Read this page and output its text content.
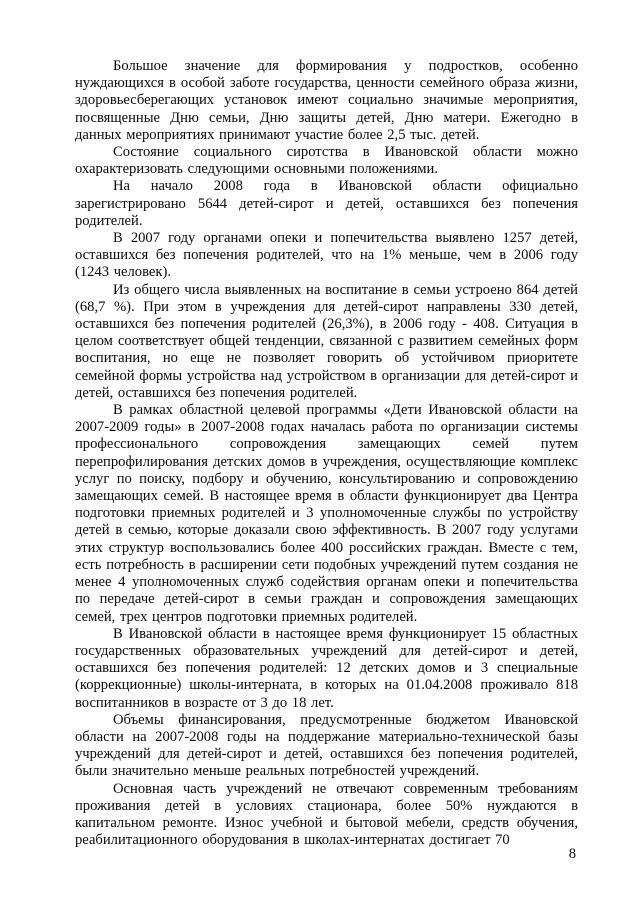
Большое значение для формирования у подростков, особенно нуждающихся в особой заботе государства, ценности семейного образа жизни, здоровьесберегающих установок имеют социально значимые мероприятия, посвященные Дню семьи, Дню защиты детей, Дню матери. Ежегодно в данных мероприятиях принимают участие более 2,5 тыс. детей.

Состояние социального сиротства в Ивановской области можно охарактеризовать следующими основными положениями.

На начало 2008 года в Ивановской области официально зарегистрировано 5644 детей-сирот и детей, оставшихся без попечения родителей.

В 2007 году органами опеки и попечительства выявлено 1257 детей, оставшихся без попечения родителей, что на 1% меньше, чем в 2006 году (1243 человек).

Из общего числа выявленных на воспитание в семьи устроено 864 детей (68,7 %). При этом в учреждения для детей-сирот направлены 330 детей, оставшихся без попечения родителей (26,3%), в 2006 году - 408. Ситуация в целом соответствует общей тенденции, связанной с развитием семейных форм воспитания, но еще не позволяет говорить об устойчивом приоритете семейной формы устройства над устройством в организации для детей-сирот и детей, оставшихся без попечения родителей.

В рамках областной целевой программы «Дети Ивановской области на 2007-2009 годы» в 2007-2008 годах началась работа по организации системы профессионального сопровождения замещающих семей путем перепрофилирования детских домов в учреждения, осуществляющие комплекс услуг по поиску, подбору и обучению, консультированию и сопровождению замещающих семей. В настоящее время в области функционирует два Центра подготовки приемных родителей и 3 уполномоченные службы по устройству детей в семью, которые доказали свою эффективность. В 2007 году услугами этих структур воспользовались более 400 российских граждан. Вместе с тем, есть потребность в расширении сети подобных учреждений путем создания не менее 4 уполномоченных служб содействия органам опеки и попечительства по передаче детей-сирот в семьи граждан и сопровождения замещающих семей, трех центров подготовки приемных родителей.

В Ивановской области в настоящее время функционирует 15 областных государственных образовательных учреждений для детей-сирот и детей, оставшихся без попечения родителей: 12 детских домов и 3 специальные (коррекционные) школы-интерната, в которых на 01.04.2008 проживало 818 воспитанников в возрасте от 3 до 18 лет.

Объемы финансирования, предусмотренные бюджетом Ивановской области на 2007-2008 годы на поддержание материально-технической базы учреждений для детей-сирот и детей, оставшихся без попечения родителей, были значительно меньше реальных потребностей учреждений.

Основная часть учреждений не отвечают современным требованиям проживания детей в условиях стационара, более 50% нуждаются в капитальном ремонте. Износ учебной и бытовой мебели, средств обучения, реабилитационного оборудования в школах-интернатах достигает 70

8
